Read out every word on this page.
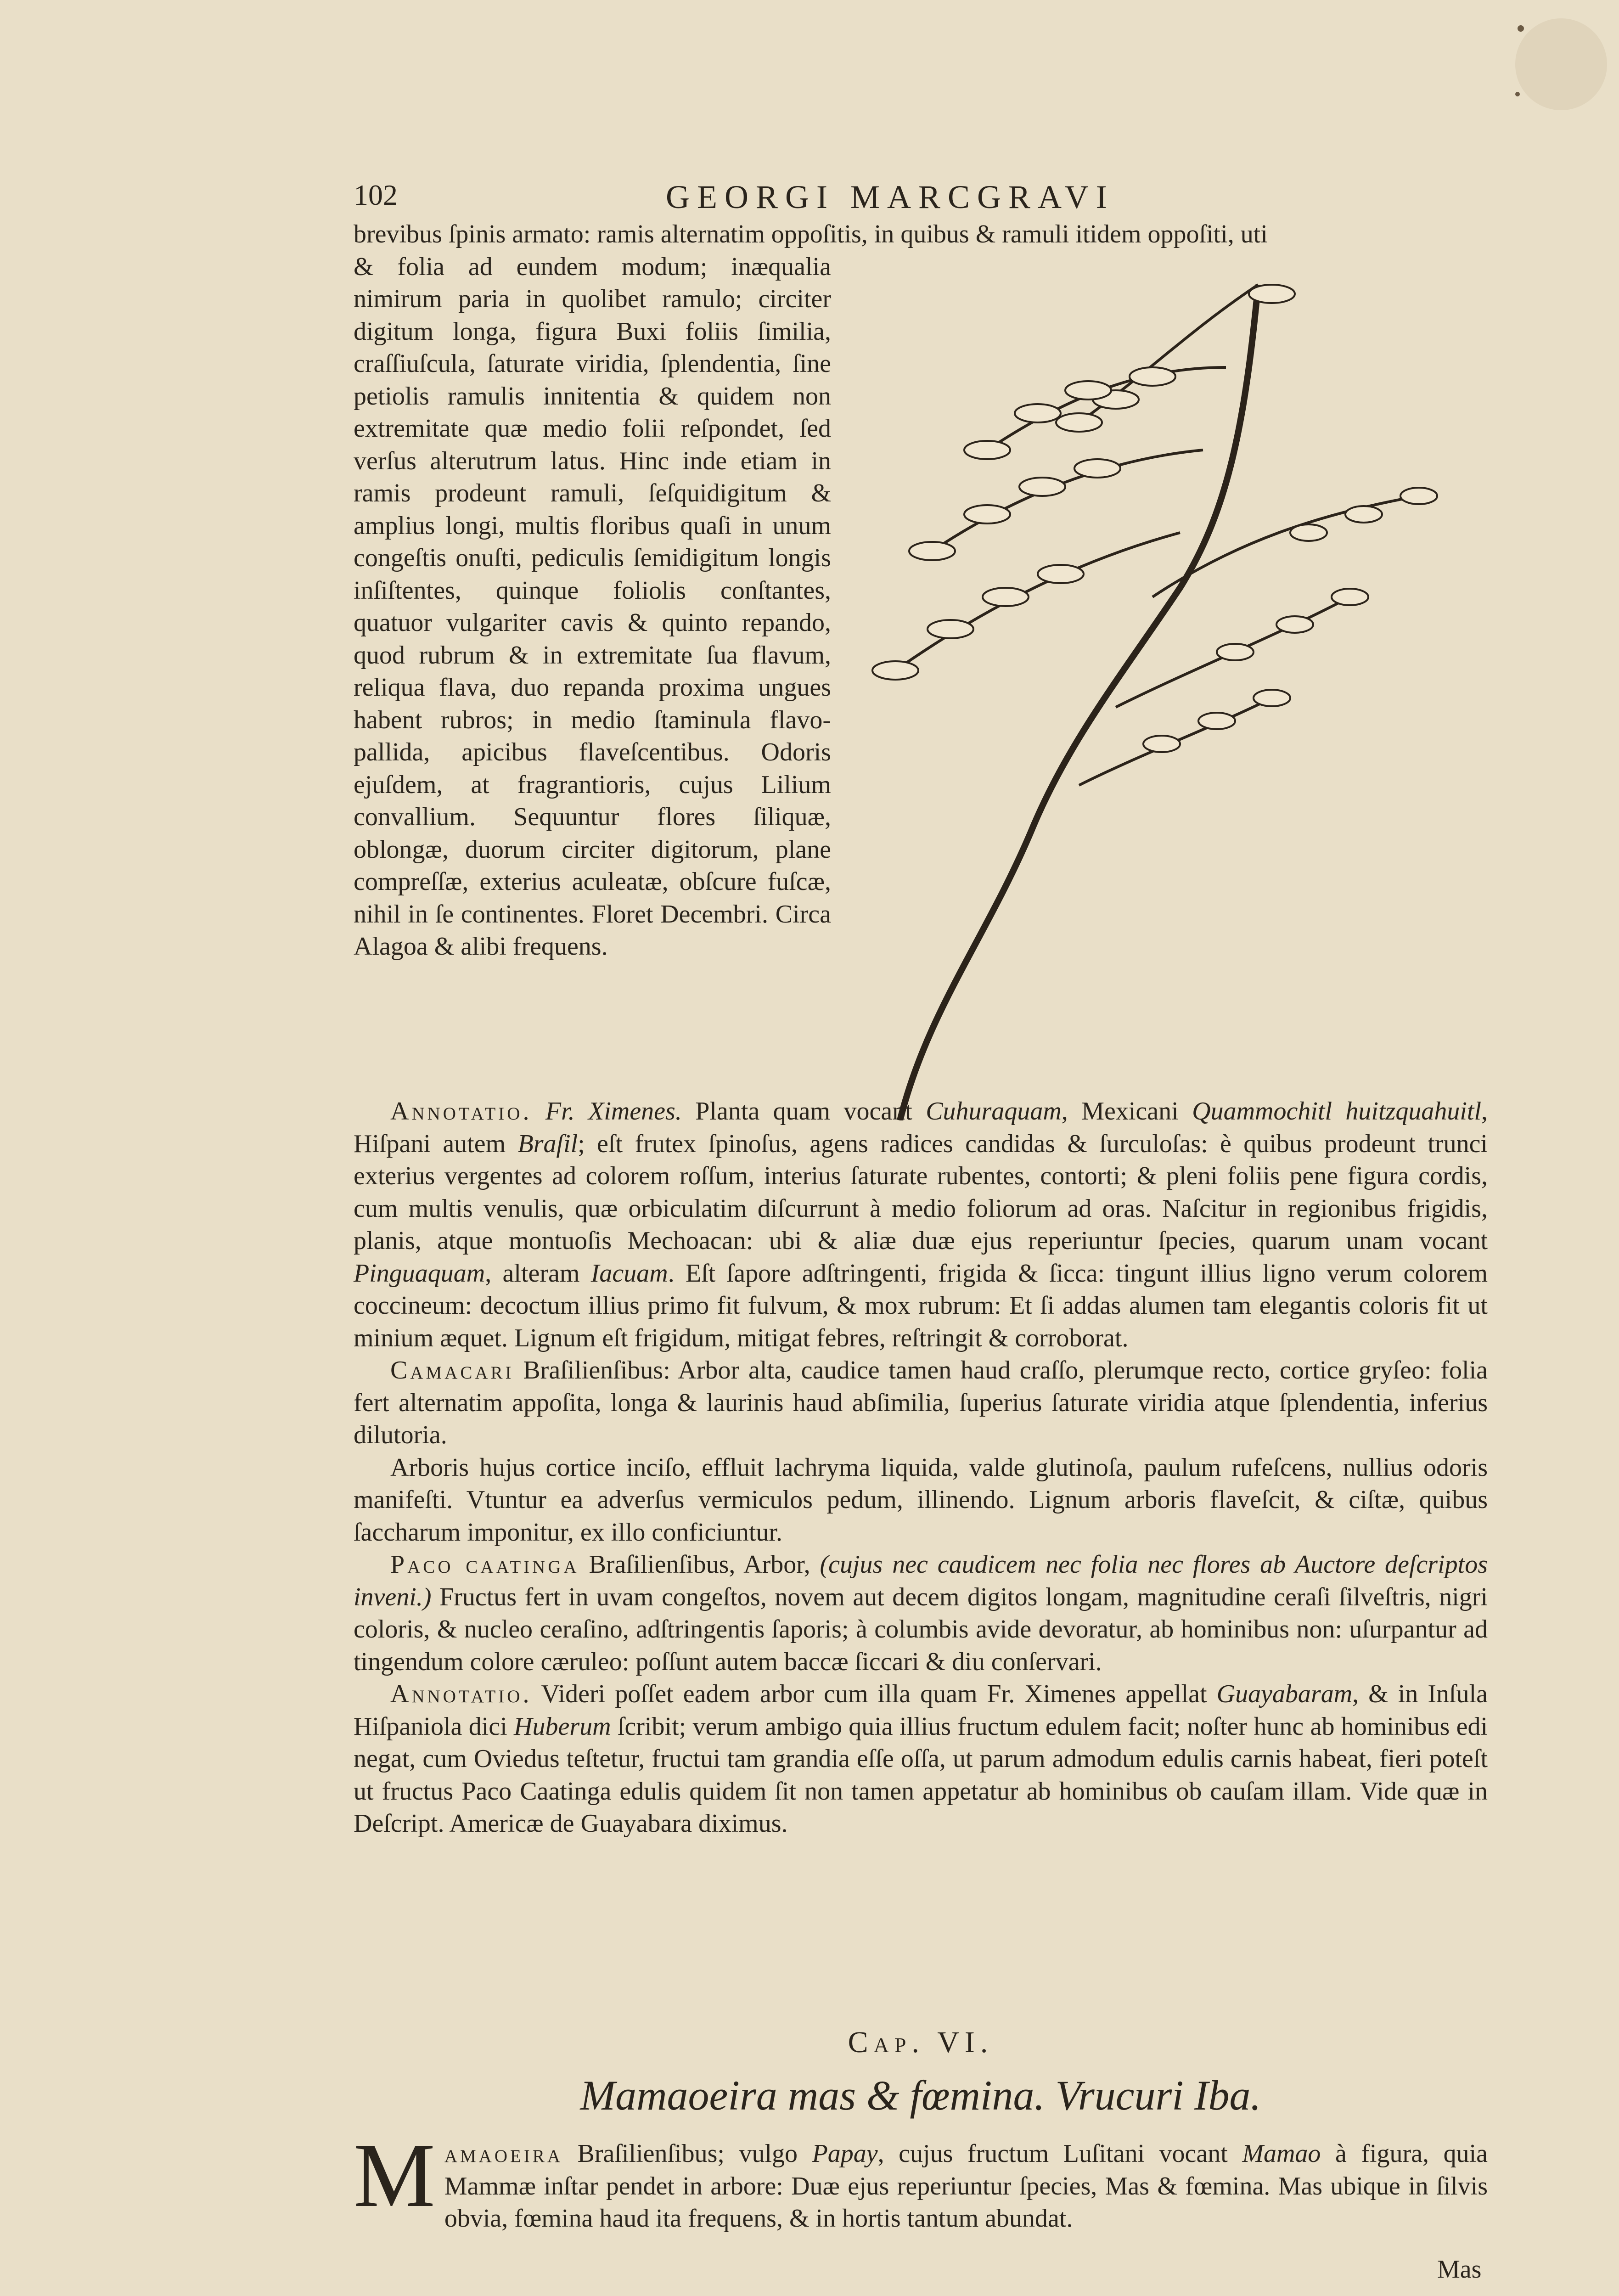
102	GEORGI MARCGRAVI
brevibus ſpinis armato: ramis alternatim oppoſitis, in quibus & ramuli itidem oppoſiti, uti

& folia ad eundem modum; inæqualia nimirum paria in quolibet ramulo; circiter digitum longa, figura Buxi foliis ſimilia, craſſiuſcula, ſaturate viridia, ſplendentia, ſine petiolis ramulis innitentia & quidem non extremitate quæ medio folii reſpondet, ſed verſus alterutrum latus. Hinc inde etiam in ramis prodeunt ramuli, ſeſquidigitum & amplius longi, multis floribus quaſi in unum congeſtis onuſti, pediculis ſemidigitum longis inſiſtentes, quinque foliolis conſtantes, quatuor vulgariter cavis & quinto repando, quod rubrum & in extremitate ſua flavum, reliqua flava, duo repanda proxima ungues habent rubros; in medio ſtaminula flavo-pallida, apicibus flaveſcentibus. Odoris ejuſdem, at fragrantioris, cujus Lilium convallium. Sequuntur flores ſiliquæ, oblongæ, duorum circiter digitorum, plane compreſſæ, exterius aculeatæ, obſcure fuſcæ, nihil in ſe continentes. Floret Decembri. Circa Alagoa & alibi frequens.

Annotatio. Fr. Ximenes. Planta quam vocant Cuhuraquam, Mexicani Quammochitl huitzquahuitl, Hiſpani autem Braſil; eſt frutex ſpinoſus, agens radices candidas & ſurculoſas: è quibus prodeunt trunci exterius vergentes ad colorem roſſum, interius ſaturate rubentes, contorti; & pleni foliis pene figura cordis, cum multis venulis, quæ orbiculatim diſcurrunt à medio foliorum ad oras. Naſcitur in regionibus frigidis, planis, atque montuoſis Mechoacan: ubi & aliæ duæ ejus reperiuntur ſpecies, quarum unam vocant Pinguaquam, alteram Iacuam. Eſt ſapore adſtringenti, frigida & ſicca: tingunt illius ligno verum colorem coccineum: decoctum illius primo fit fulvum, & mox rubrum: Et ſi addas alumen tam elegantis coloris fit ut minium æquet. Lignum eſt frigidum, mitigat febres, reſtringit & corroborat.

Camacari Braſilienſibus: Arbor alta, caudice tamen haud craſſo, plerumque recto, cortice gryſeo: folia fert alternatim appoſita, longa & laurinis haud abſimilia, ſuperius ſaturate viridia atque ſplendentia, inferius dilutoria.

Arboris hujus cortice inciſo, effluit lachryma liquida, valde glutinoſa, paulum rufeſcens, nullius odoris manifeſti. Vtuntur ea adverſus vermiculos pedum, illinendo. Lignum arboris flaveſcit, & ciſtæ, quibus ſaccharum imponitur, ex illo conficiuntur.

Paco caatinga Braſilienſibus, Arbor, (cujus nec caudicem nec folia nec flores ab Auctore deſcriptos inveni.) Fructus fert in uvam congeſtos, novem aut decem digitos longam, magnitudine ceraſi ſilveſtris, nigri coloris, & nucleo ceraſino, adſtringentis ſaporis; à columbis avide devoratur, ab hominibus non: uſurpantur ad tingendum colore cæruleo: poſſunt autem baccæ ſiccari & diu conſervari.

Annotatio. Videri poſſet eadem arbor cum illa quam Fr. Ximenes appellat Guayabaram, & in Inſula Hiſpaniola dici Huberum ſcribit; verum ambigo quia illius fructum edulem facit; noſter hunc ab hominibus edi negat, cum Oviedus teſtetur, fructui tam grandia eſſe oſſa, ut parum admodum edulis carnis habeat, fieri poteſt ut fructus Paco Caatinga edulis quidem ſit non tamen appetatur ab hominibus ob cauſam illam. Vide quæ in Deſcript. Americæ de Guayabara diximus.

Cap. VI.
Mamaoeira mas & fœmina. Vrucuri Iba.
Mamaoeira Braſilienſibus; vulgo Papay, cujus fructum Luſitani vocant Mamao à figura, quia Mammæ inſtar pendet in arbore: Duæ ejus reperiuntur ſpecies, Mas & fœmina. Mas ubique in ſilvis obvia, fœmina haud ita frequens, & in hortis tantum abundat.
Mas
